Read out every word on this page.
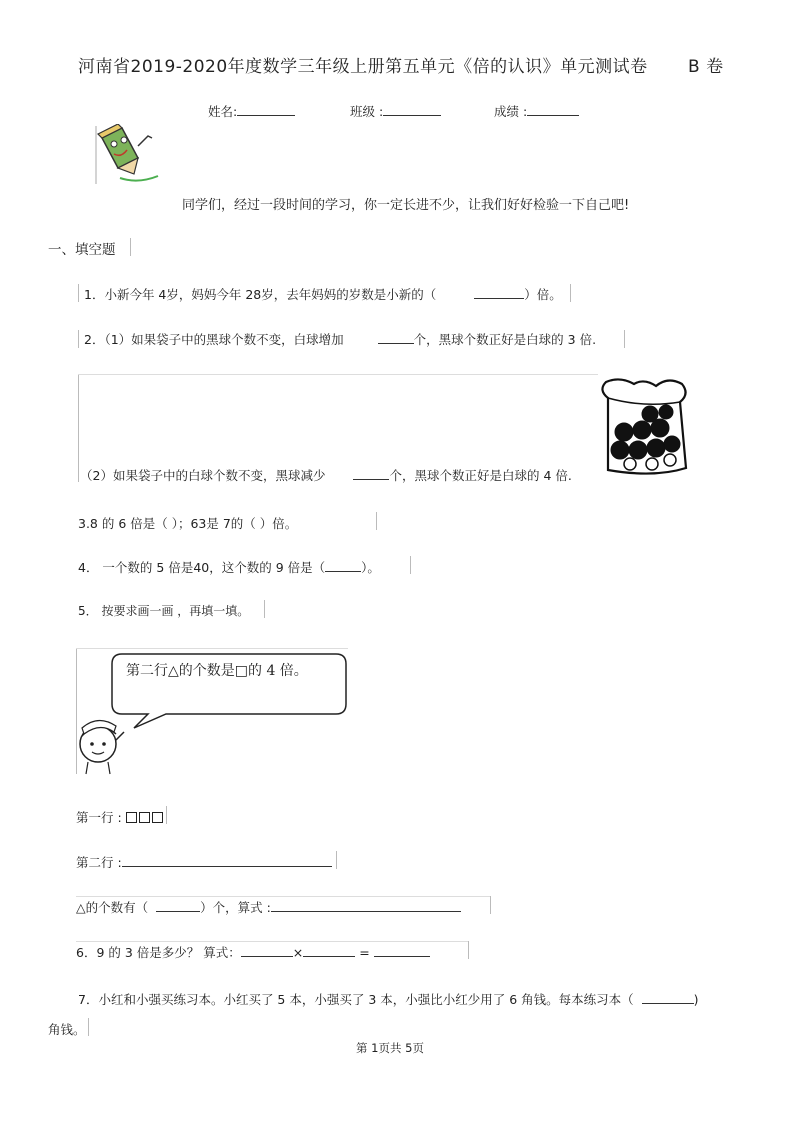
河南省2019-2020年度数学三年级上册第五单元《倍的认识》单元测试卷 B 卷
姓名:	班级 :	成绩 :
同学们，经过一段时间的学习，你一定长进不少，让我们好好检验一下自己吧!
一、填空题
1．小新今年 4岁，妈妈今年 28岁，去年妈妈的岁数是小新的（	）倍。
2．（1）如果袋子中的黑球个数不变，白球增加	个，黑球个数正好是白球的 3 倍.
（2）如果袋子中的白球个数不变，黑球减少	个，黑球个数正好是白球的 4 倍.
3.8 的 6 倍是（ ）；63是 7的（ ）倍。
4． 一个数的 5 倍是40，这个数的 9 倍是（	）。
5． 按要求画一画 ，再填一填。
第二行△的个数是□的 4 倍。
第一行 :
第二行 :
△的个数有（	）个，算式 :
6．9 的 3 倍是多少？ 算式：	×	=
7．小红和小强买练习本。小红买了 5 本，小强买了 3 本，小强比小红少用了 6 角钱。每本练习本（	)
角钱。
第 1页共 5页
